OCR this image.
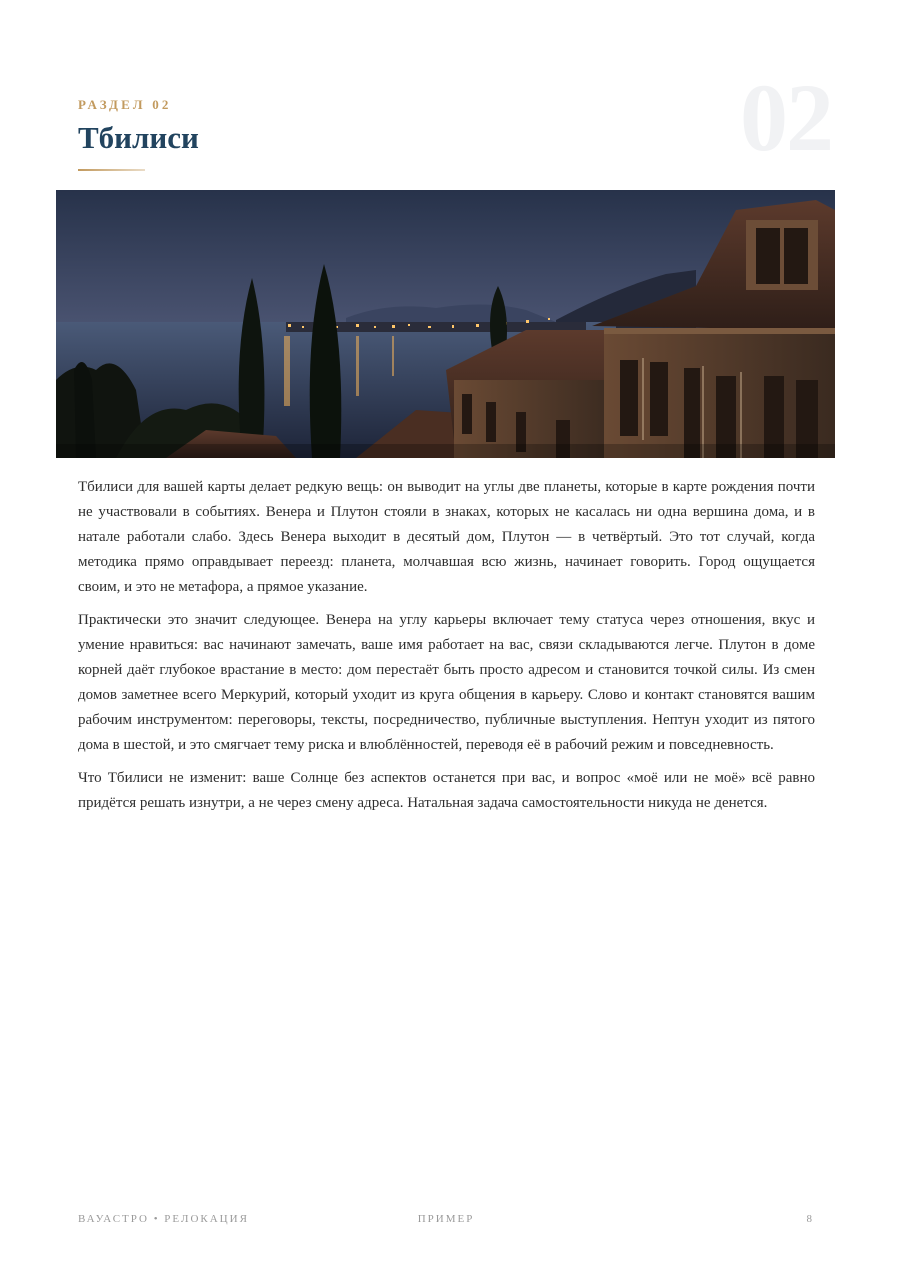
РАЗДЕЛ 02
Тбилиси	02

Тбилиси для вашей карты делает редкую вещь: он выводит на углы две планеты, которые в карте рождения почти не участвовали в событиях. Венера и Плутон стояли в знаках, которых не касалась ни одна вершина дома, и в натале работали слабо. Здесь Венера выходит в десятый дом, Плутон — в четвёртый. Это тот случай, когда методика прямо оправдывает переезд: планета, молчавшая всю жизнь, начинает говорить. Город ощущается своим, и это не метафора, а прямое указание.

Практически это значит следующее. Венера на углу карьеры включает тему статуса через отношения, вкус и умение нравиться: вас начинают замечать, ваше имя работает на вас, связи складываются легче. Плутон в доме корней даёт глубокое врастание в место: дом перестаёт быть просто адресом и становится точкой силы. Из смен домов заметнее всего Меркурий, который уходит из круга общения в карьеру. Слово и контакт становятся вашим рабочим инструментом: переговоры, тексты, посредничество, публичные выступления. Нептун уходит из пятого дома в шестой, и это смягчает тему риска и влюблённостей, переводя её в рабочий режим и повседневность.

Что Тбилиси не изменит: ваше Солнце без аспектов останется при вас, и вопрос «моё или не моё» всё равно придётся решать изнутри, а не через смену адреса. Натальная задача самостоятельности никуда не денется.

ВАУАСТРО • РЕЛОКАЦИЯ	ПРИМЕР	8
